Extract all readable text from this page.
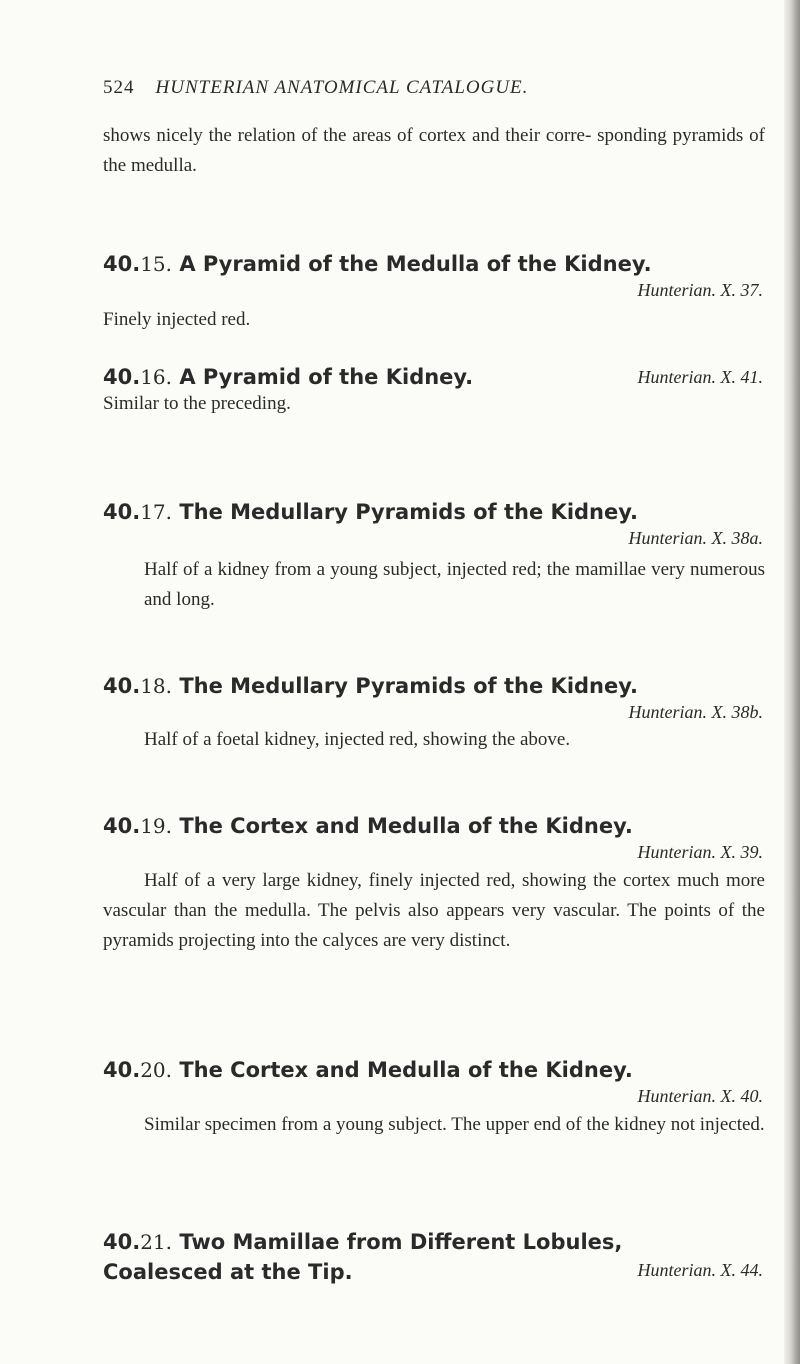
524 HUNTERIAN ANATOMICAL CATALOGUE.
shows nicely the relation of the areas of cortex and their corre- sponding pyramids of the medulla.
40.15. A Pyramid of the Medulla of the Kidney.
Hunterian. X. 37.
Finely injected red.
40.16. A Pyramid of the Kidney.	Hunterian. X. 41.
Similar to the preceding.
40.17. The Medullary Pyramids of the Kidney.
Hunterian. X. 38a.
Half of a kidney from a young subject, injected red; the mamillae very numerous and long.
40.18. The Medullary Pyramids of the Kidney.
Hunterian. X. 38b.
Half of a foetal kidney, injected red, showing the above.
40.19. The Cortex and Medulla of the Kidney.
Hunterian. X. 39.
Half of a very large kidney, finely injected red, showing the cortex much more vascular than the medulla. The pelvis also appears very vascular. The points of the pyramids projecting into the calyces are very distinct.
40.20. The Cortex and Medulla of the Kidney.
Hunterian. X. 40.
Similar specimen from a young subject. The upper end of the kidney not injected.
40.21. Two Mamillae from Different Lobules, Coalesced at the Tip.	Hunterian. X. 44.
